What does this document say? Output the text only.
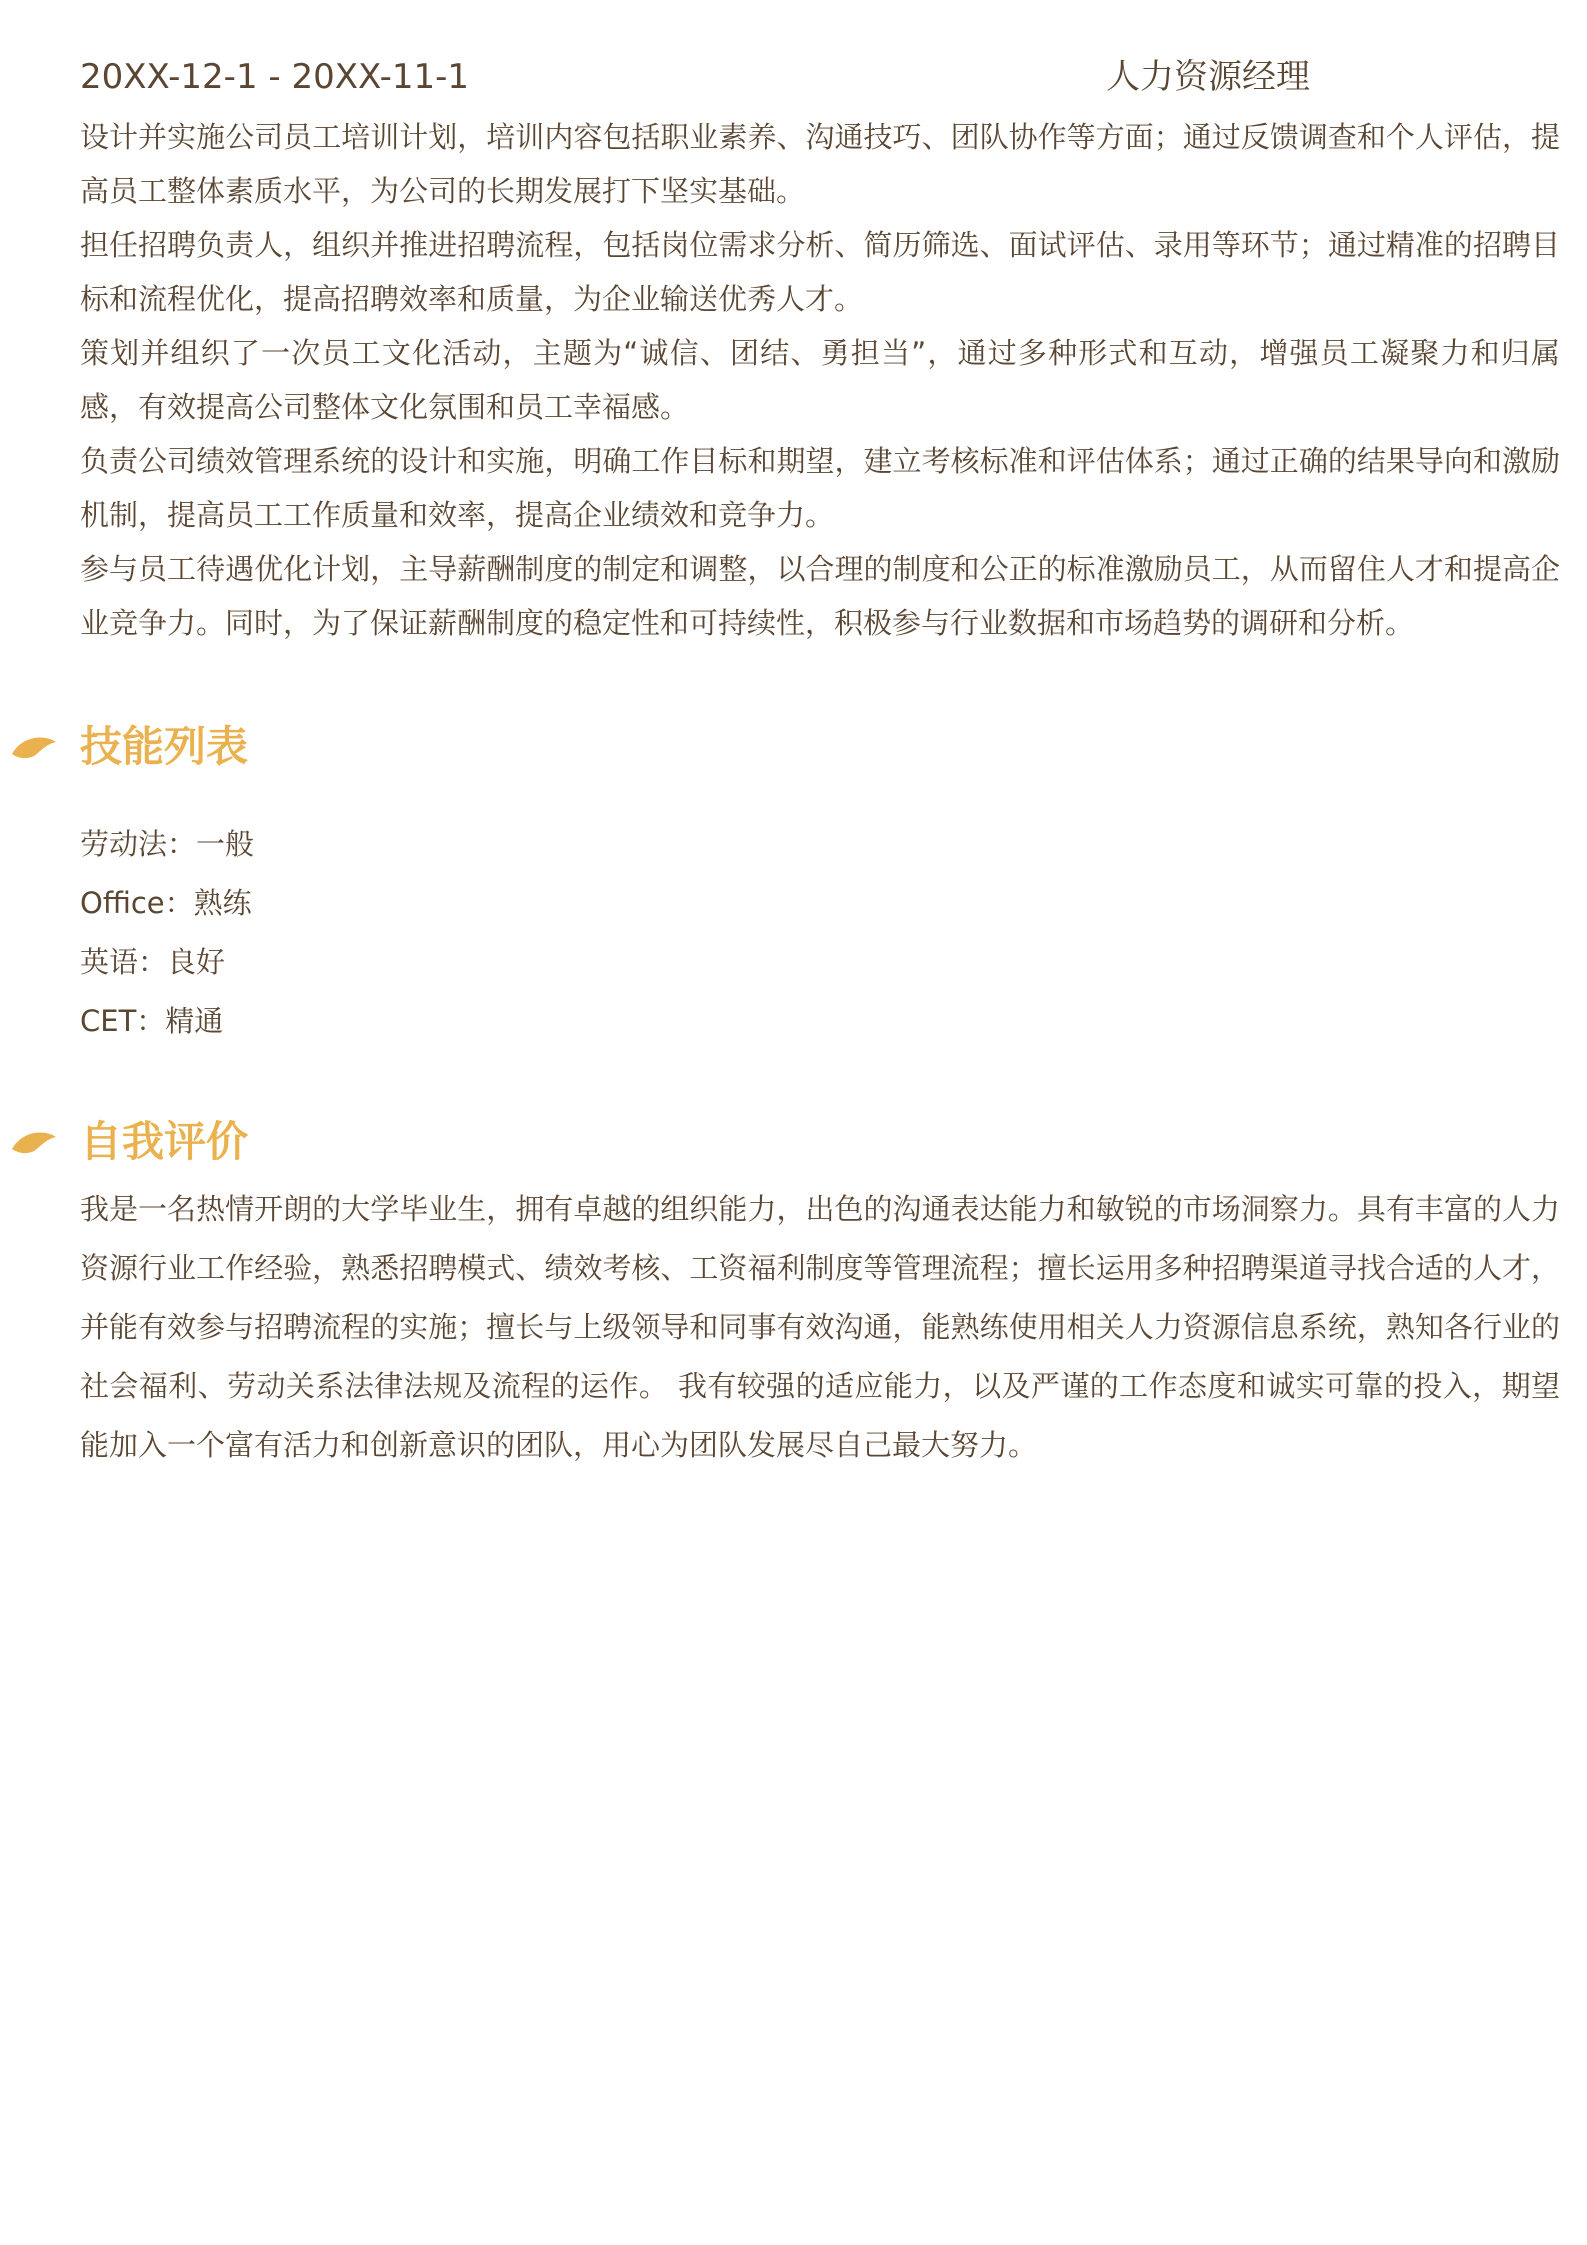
20XX-12-1 - 20XX-11-1	人力资源经理

设计并实施公司员工培训计划，培训内容包括职业素养、沟通技巧、团队协作等方面；通过反馈调查和个人评估，提高员工整体素质水平，为公司的长期发展打下坚实基础。

担任招聘负责人，组织并推进招聘流程，包括岗位需求分析、简历筛选、面试评估、录用等环节；通过精准的招聘目标和流程优化，提高招聘效率和质量，为企业输送优秀人才。

策划并组织了一次员工文化活动，主题为“诚信、团结、勇担当”，通过多种形式和互动，增强员工凝聚力和归属感，有效提高公司整体文化氛围和员工幸福感。

负责公司绩效管理系统的设计和实施，明确工作目标和期望，建立考核标准和评估体系；通过正确的结果导向和激励机制，提高员工工作质量和效率，提高企业绩效和竞争力。

参与员工待遇优化计划，主导薪酬制度的制定和调整，以合理的制度和公正的标准激励员工，从而留住人才和提高企业竞争力。同时，为了保证薪酬制度的稳定性和可持续性，积极参与行业数据和市场趋势的调研和分析。

技能列表

劳动法：一般

Office：熟练

英语：良好

CET：精通

自我评价

我是一名热情开朗的大学毕业生，拥有卓越的组织能力，出色的沟通表达能力和敏锐的市场洞察力。具有丰富的人力资源行业工作经验，熟悉招聘模式、绩效考核、工资福利制度等管理流程；擅长运用多种招聘渠道寻找合适的人才，并能有效参与招聘流程的实施；擅长与上级领导和同事有效沟通，能熟练使用相关人力资源信息系统，熟知各行业的社会福利、劳动关系法律法规及流程的运作。 我有较强的适应能力，以及严谨的工作态度和诚实可靠的投入，期望能加入一个富有活力和创新意识的团队，用心为团队发展尽自己最大努力。
